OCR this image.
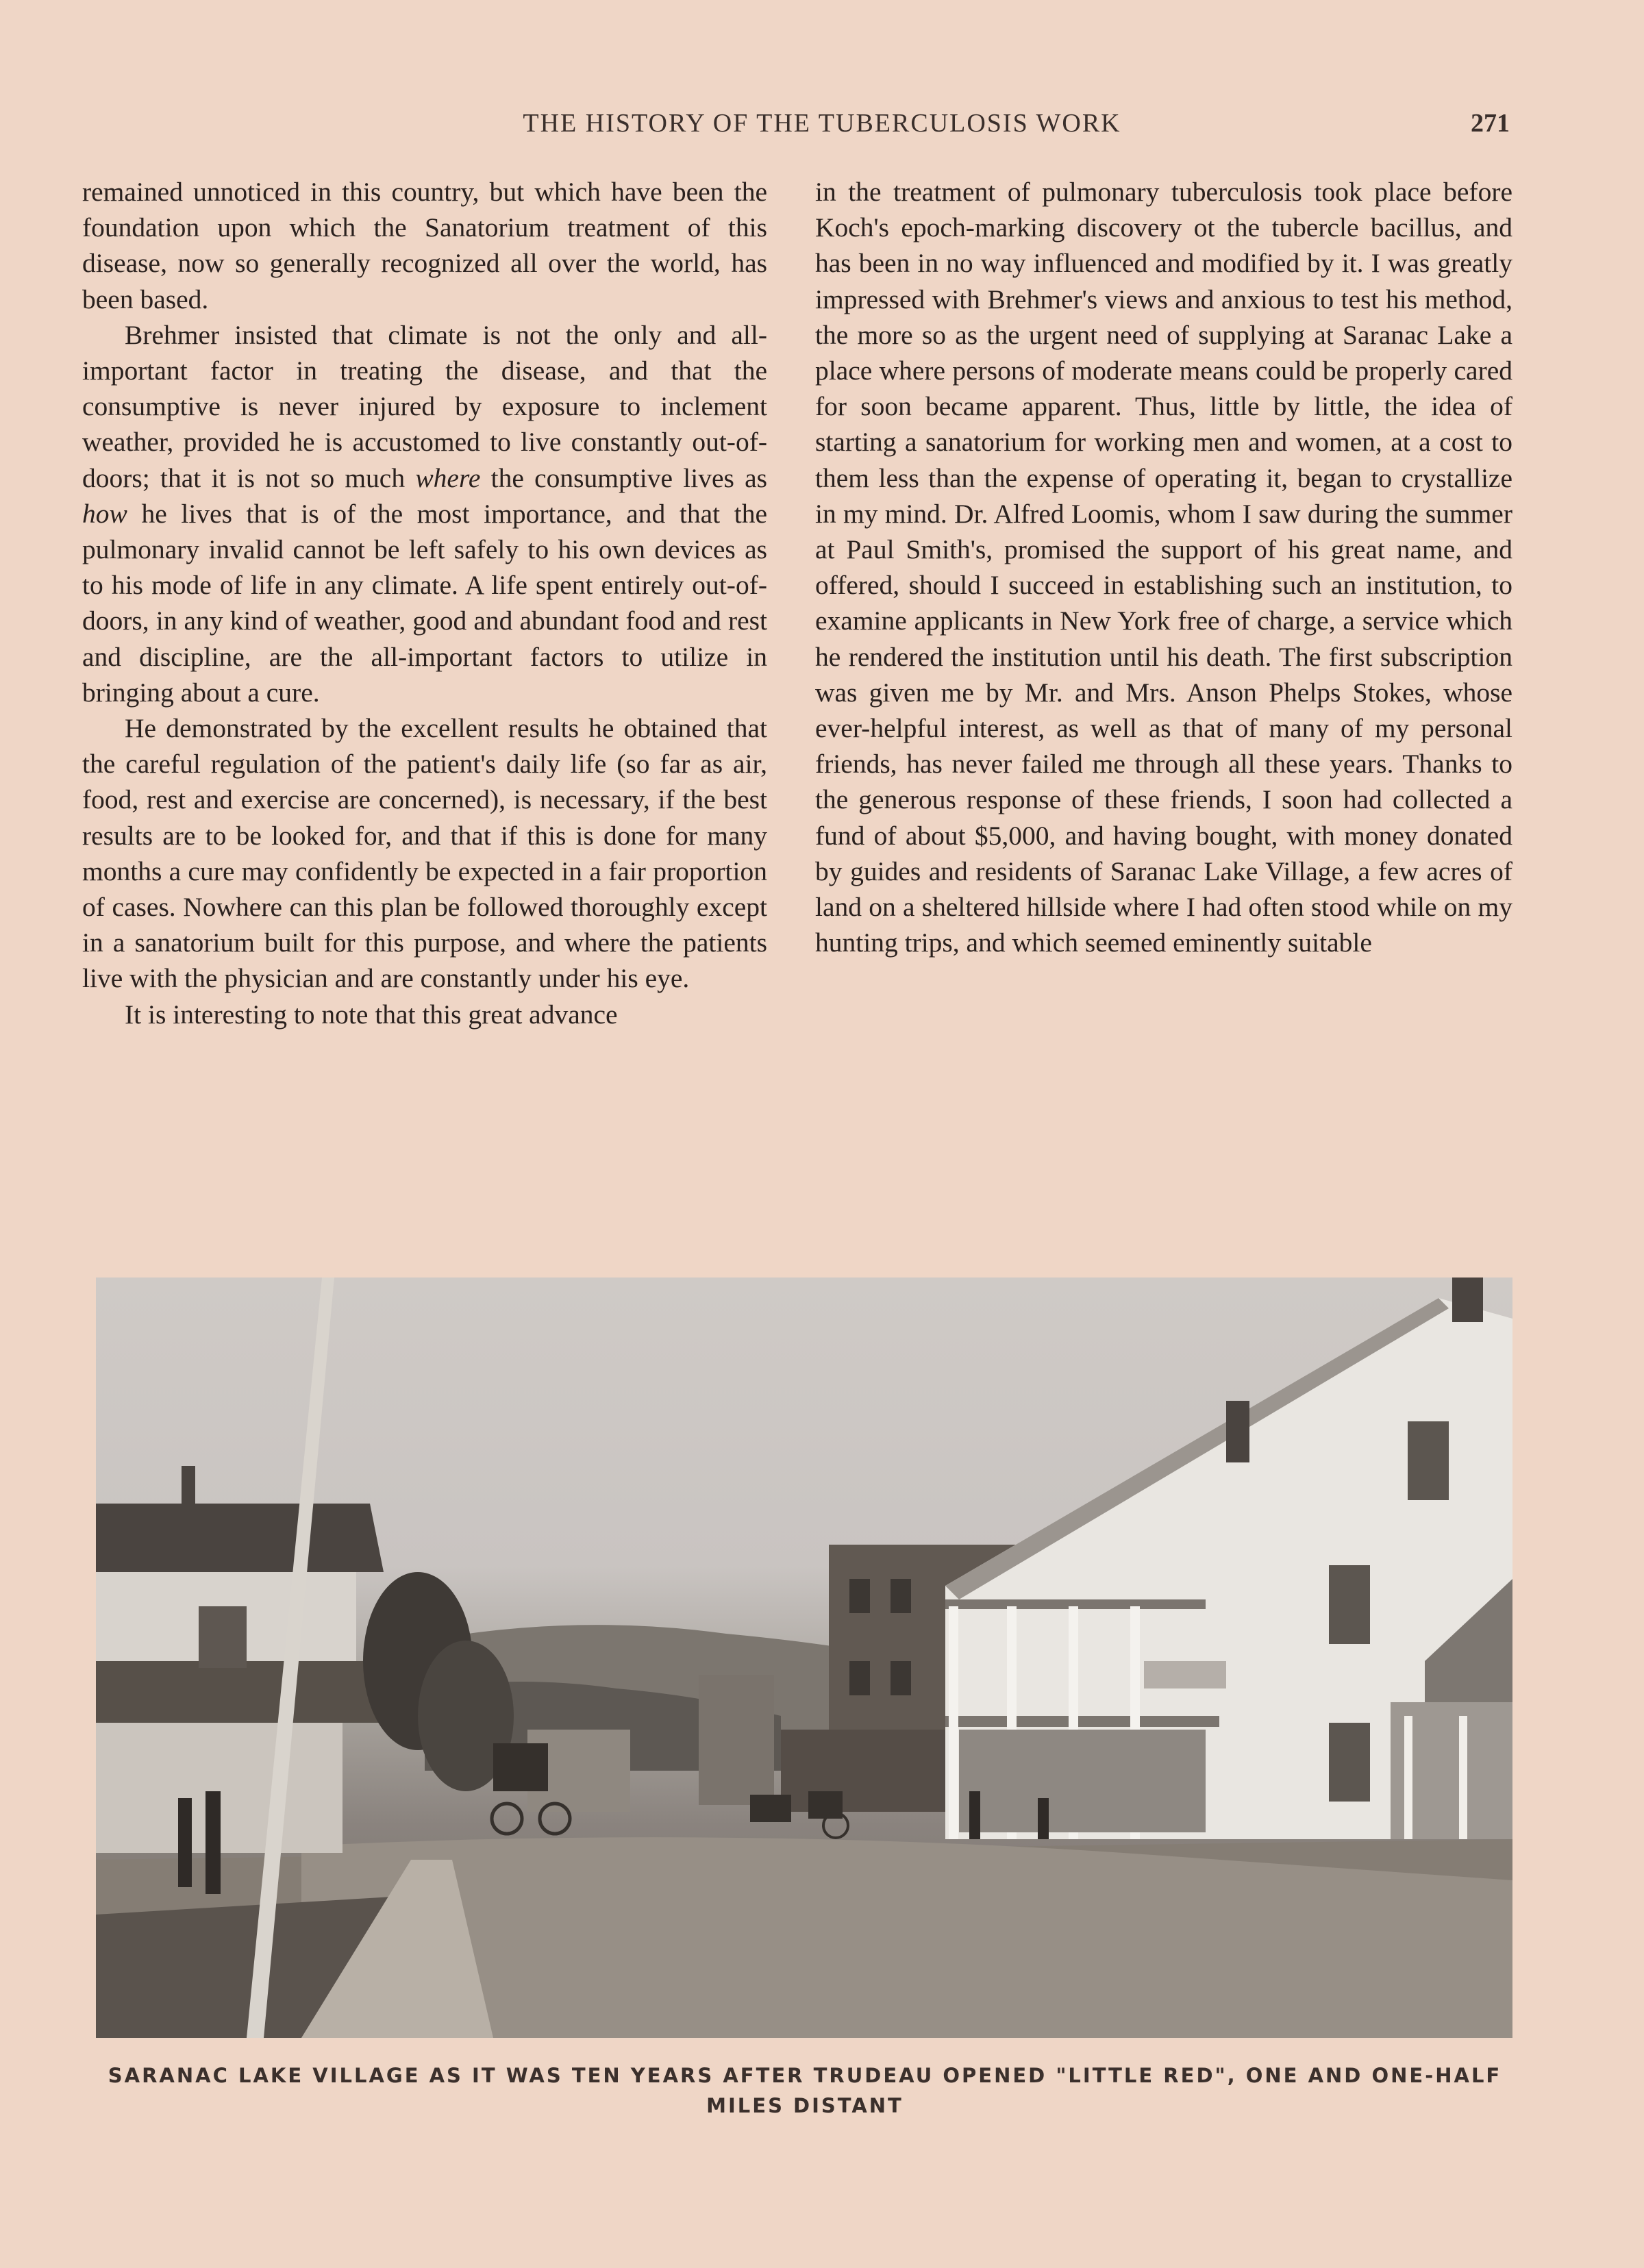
THE HISTORY OF THE TUBERCULOSIS WORK	271

remained unnoticed in this country, but which have been the foundation upon which the Sanatorium treatment of this disease, now so generally recognized all over the world, has been based.

Brehmer insisted that climate is not the only and all-important factor in treating the disease, and that the consumptive is never injured by exposure to inclement weather, provided he is accustomed to live constantly out-of-doors; that it is not so much where the consumptive lives as how he lives that is of the most importance, and that the pulmonary invalid cannot be left safely to his own devices as to his mode of life in any climate. A life spent entirely out-of-doors, in any kind of weather, good and abundant food and rest and discipline, are the all-important factors to utilize in bringing about a cure.

He demonstrated by the excellent results he obtained that the careful regulation of the patient's daily life (so far as air, food, rest and exercise are concerned), is necessary, if the best results are to be looked for, and that if this is done for many months a cure may confidently be expected in a fair proportion of cases. Nowhere can this plan be followed thoroughly except in a sanatorium built for this purpose, and where the patients live with the physician and are constantly under his eye.

It is interesting to note that this great advance

in the treatment of pulmonary tuberculosis took place before Koch's epoch-marking discovery ot the tubercle bacillus, and has been in no way influenced and modified by it. I was greatly impressed with Brehmer's views and anxious to test his method, the more so as the urgent need of supplying at Saranac Lake a place where persons of moderate means could be properly cared for soon became apparent. Thus, little by little, the idea of starting a sanatorium for working men and women, at a cost to them less than the expense of operating it, began to crystallize in my mind. Dr. Alfred Loomis, whom I saw during the summer at Paul Smith's, promised the support of his great name, and offered, should I succeed in establishing such an institution, to examine applicants in New York free of charge, a service which he rendered the institution until his death. The first subscription was given me by Mr. and Mrs. Anson Phelps Stokes, whose ever-helpful interest, as well as that of many of my personal friends, has never failed me through all these years. Thanks to the generous response of these friends, I soon had collected a fund of about $5,000, and having bought, with money donated by guides and residents of Saranac Lake Village, a few acres of land on a sheltered hillside where I had often stood while on my hunting trips, and which seemed eminently suitable

SARANAC LAKE VILLAGE AS IT WAS TEN YEARS AFTER TRUDEAU OPENED "LITTLE RED", ONE AND ONE-HALF MILES DISTANT
